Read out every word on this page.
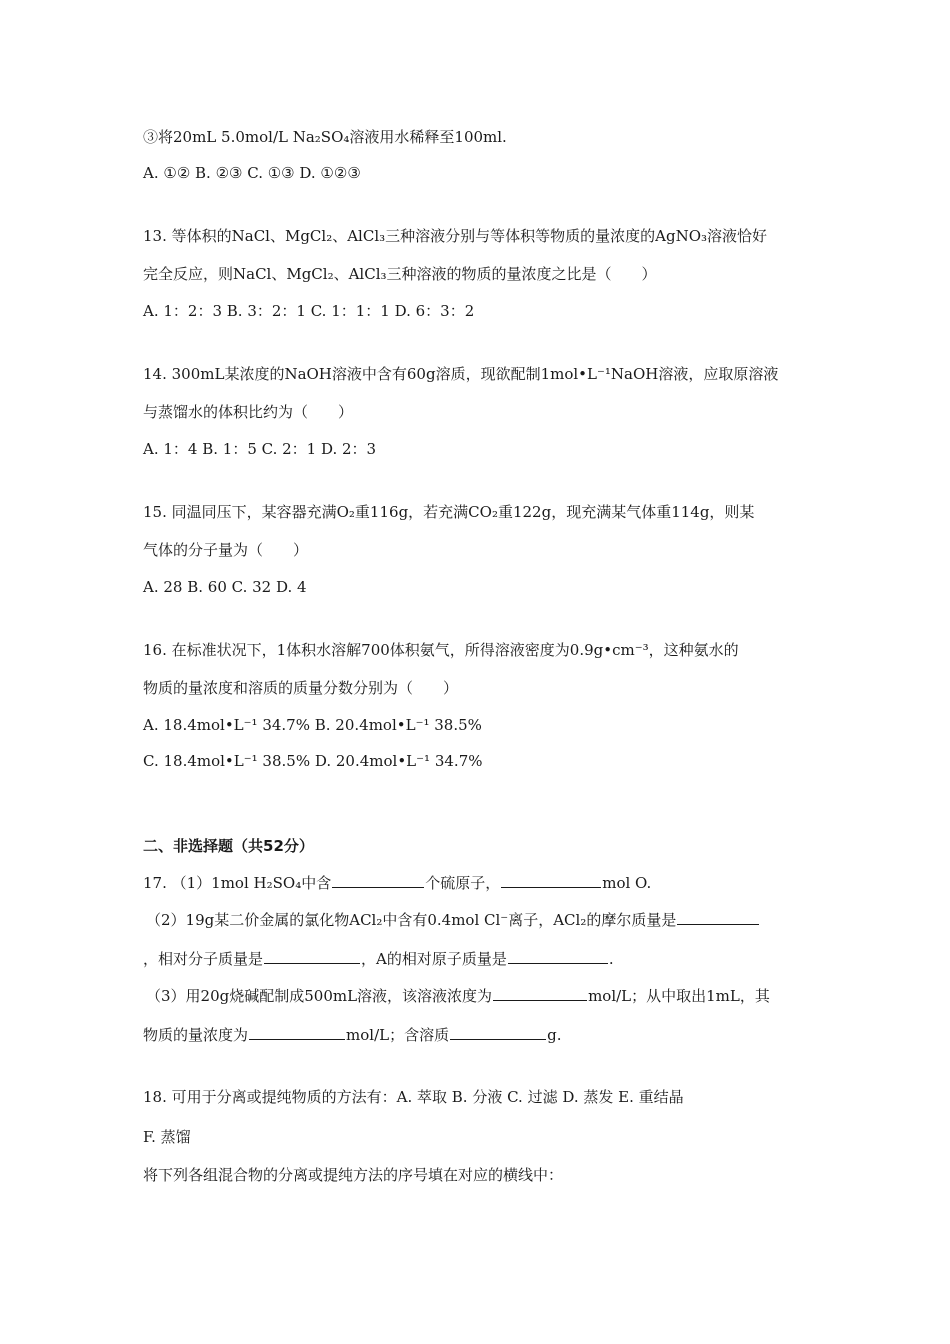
③将20mL 5.0mol/L Na₂SO₄溶液用水稀释至100ml.
A. ①② B. ②③ C. ①③ D. ①②③
13. 等体积的NaCl、MgCl₂、AlCl₃三种溶液分别与等体积等物质的量浓度的AgNO₃溶液恰好
完全反应，则NaCl、MgCl₂、AlCl₃三种溶液的物质的量浓度之比是（　　）
A. 1：2：3 B. 3：2：1 C. 1：1：1 D. 6：3：2
14. 300mL某浓度的NaOH溶液中含有60g溶质，现欲配制1mol•L⁻¹NaOH溶液，应取原溶液
与蒸馏水的体积比约为（　　）
A. 1：4 B. 1：5 C. 2：1 D. 2：3
15. 同温同压下，某容器充满O₂重116g，若充满CO₂重122g，现充满某气体重114g，则某
气体的分子量为（　　）
A. 28 B. 60 C. 32 D. 4
16. 在标准状况下，1体积水溶解700体积氨气，所得溶液密度为0.9g•cm⁻³，这种氨水的
物质的量浓度和溶质的质量分数分别为（　　）
A. 18.4mol•L⁻¹ 34.7% B. 20.4mol•L⁻¹ 38.5%
C. 18.4mol•L⁻¹ 38.5% D. 20.4mol•L⁻¹ 34.7%
二、非选择题（共52分）
17. （1）1mol H₂SO₄中含	个硫原子，	mol O.
（2）19g某二价金属的氯化物ACl₂中含有0.4mol Cl⁻离子，ACl₂的摩尔质量是
，相对分子质量是	，A的相对原子质量是	.
（3）用20g烧碱配制成500mL溶液，该溶液浓度为	mol/L；从中取出1mL，其
物质的量浓度为	mol/L；含溶质	g.
18. 可用于分离或提纯物质的方法有：A. 萃取 B. 分液 C. 过滤 D. 蒸发 E. 重结晶
F. 蒸馏
将下列各组混合物的分离或提纯方法的序号填在对应的横线中：
